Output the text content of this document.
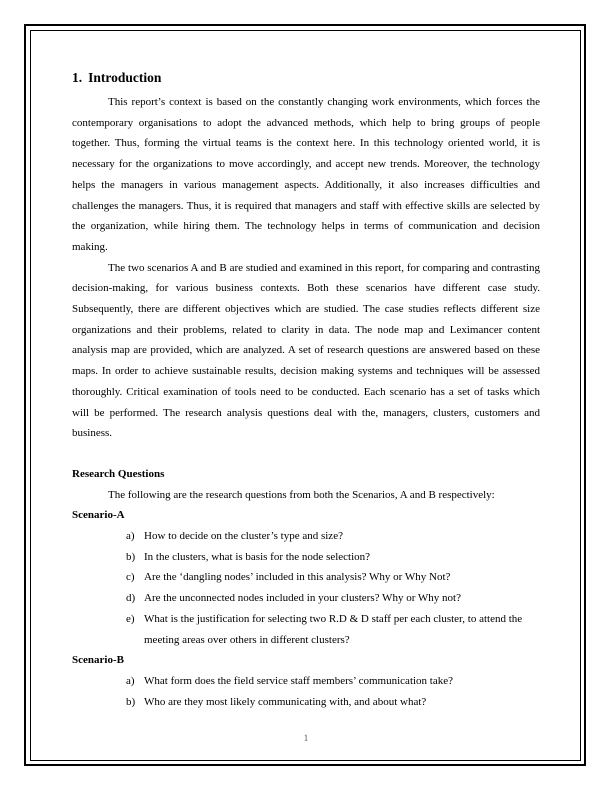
1. Introduction

This report’s context is based on the constantly changing work environments, which forces the contemporary organisations to adopt the advanced methods, which help to bring groups of people together. Thus, forming the virtual teams is the context here. In this technology oriented world, it is necessary for the organizations to move accordingly, and accept new trends. Moreover, the technology helps the managers in various management aspects. Additionally, it also increases difficulties and challenges the managers. Thus, it is required that managers and staff with effective skills are selected by the organization, while hiring them. The technology helps in terms of communication and decision making.

The two scenarios A and B are studied and examined in this report, for comparing and contrasting decision-making, for various business contexts. Both these scenarios have different case study. Subsequently, there are different objectives which are studied. The case studies reflects different size organizations and their problems, related to clarity in data. The node map and Leximancer content analysis map are provided, which are analyzed. A set of research questions are answered based on these maps. In order to achieve sustainable results, decision making systems and techniques will be assessed thoroughly. Critical examination of tools need to be conducted. Each scenario has a set of tasks which will be performed. The research analysis questions deal with the, managers, clusters, customers and business.

Research Questions

The following are the research questions from both the Scenarios, A and B respectively:

Scenario-A
a) How to decide on the cluster’s type and size?
b) In the clusters, what is basis for the node selection?
c) Are the ‘dangling nodes’ included in this analysis? Why or Why Not?
d) Are the unconnected nodes included in your clusters? Why or Why not?
e) What is the justification for selecting two R.D & D staff per each cluster, to attend the meeting areas over others in different clusters?
Scenario-B
a) What form does the field service staff members’ communication take?
b) Who are they most likely communicating with, and about what?
1
